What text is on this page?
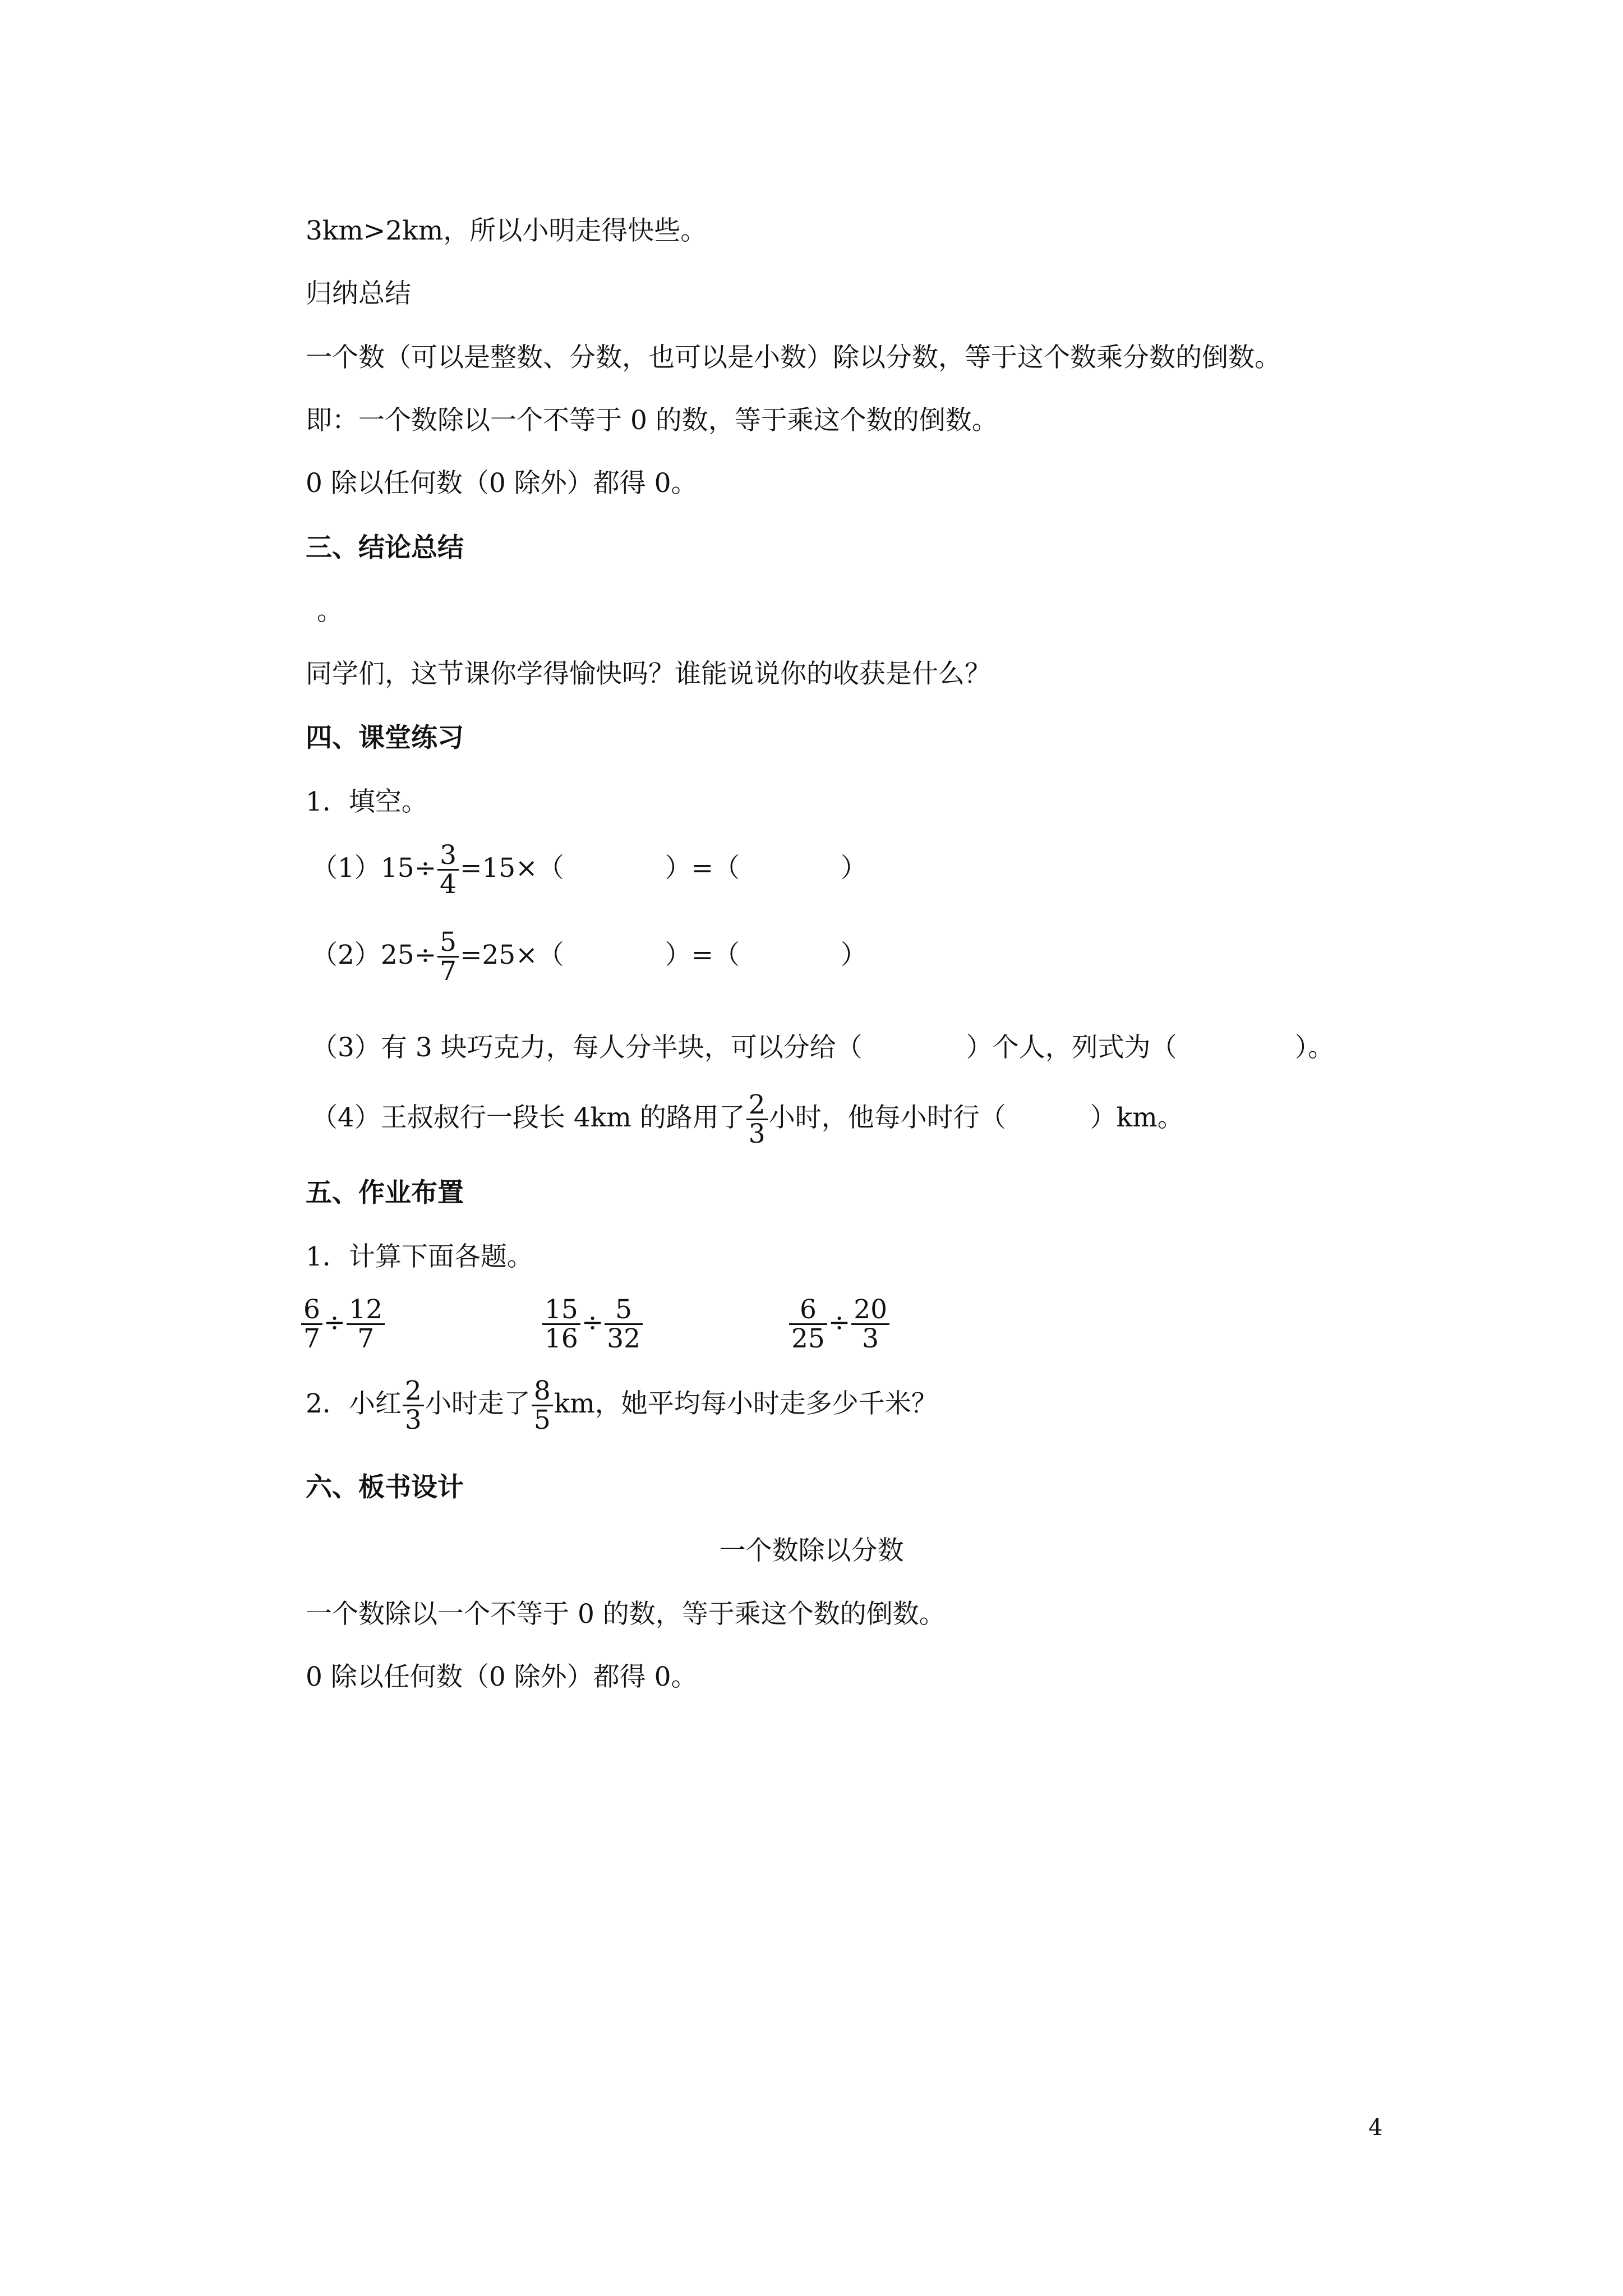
3km>2km，所以小明走得快些。
归纳总结
一个数（可以是整数、分数，也可以是小数）除以分数，等于这个数乘分数的倒数。
即：一个数除以一个不等于 0 的数，等于乘这个数的倒数。
0 除以任何数（0 除外）都得 0。
三、结论总结
。
同学们，这节课你学得愉快吗？谁能说说你的收获是什么？
四、课堂练习
1．填空。
$(1)15\div \frac{3}{4} =15\times$（	）=（	）
$(2)25\div \frac{5}{7} =25\times$（	）=（	）
（3）有 3 块巧克力，每人分半块，可以分给（	）个人，列式为（	）。
（4）王叔叔行一段长 4km 的路用了 $\frac{2}{3}$ 小时，他每小时行（	）km。
五、作业布置
1．计算下面各题。
$\frac{6}{7} \div \frac{12}{7}$	$\frac{15}{16} \div \frac{5}{32}$	$\frac{6}{25} \div \frac{20}{3}$
2．小红 $\frac{2}{3}$ 小时走了 $\frac{8}{5}$ km，她平均每小时走多少千米？
六、板书设计
一个数除以分数
一个数除以一个不等于 0 的数，等于乘这个数的倒数。
0 除以任何数（0 除外）都得 0。
4
